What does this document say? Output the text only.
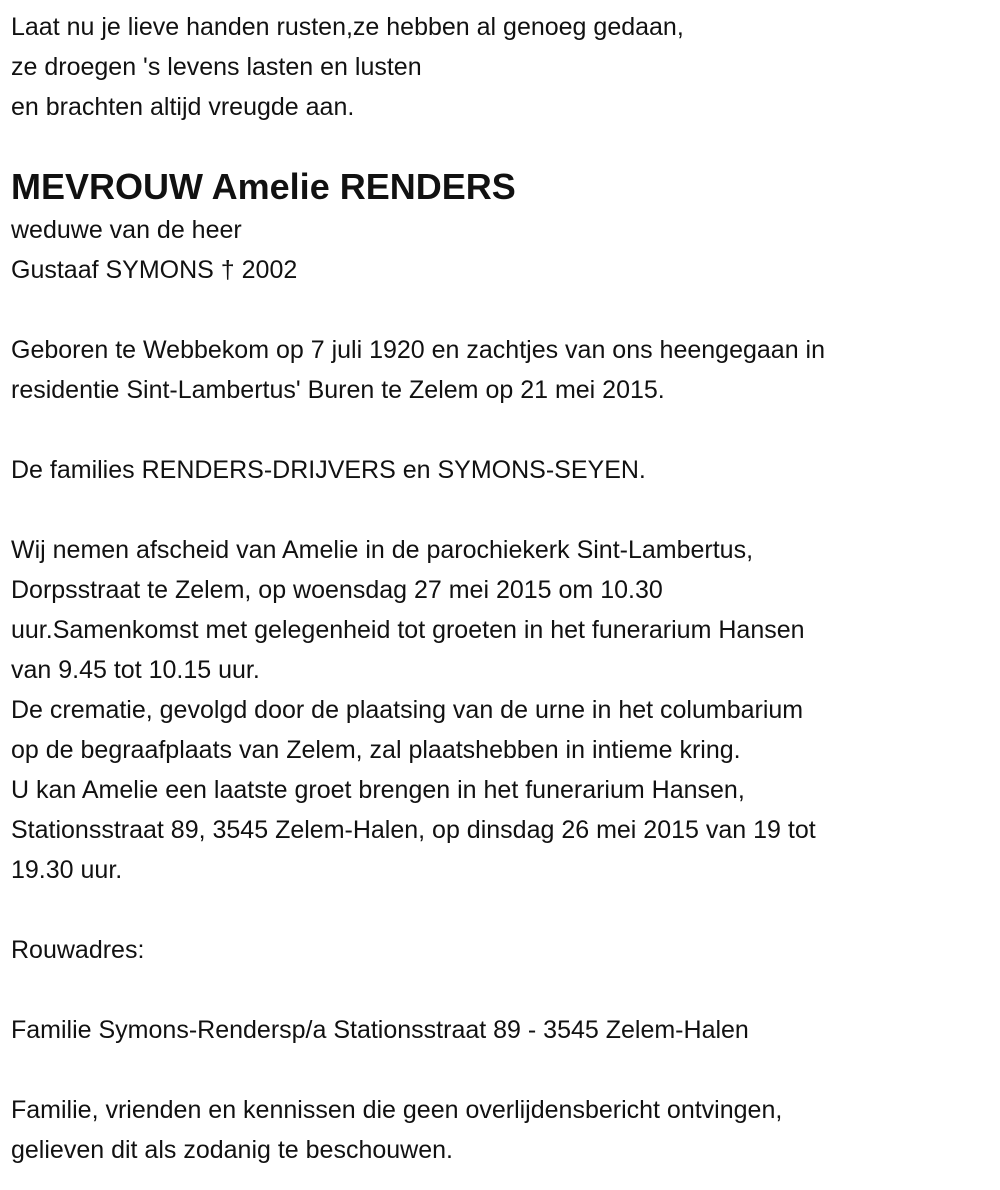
Laat nu je lieve handen rusten,ze hebben al genoeg gedaan,
ze droegen 's levens lasten en lusten
en brachten altijd vreugde aan.
MEVROUW Amelie RENDERS
weduwe van de heer
Gustaaf SYMONS † 2002
Geboren te Webbekom op 7 juli 1920 en zachtjes van ons heengegaan in
residentie Sint-Lambertus' Buren te Zelem op 21 mei 2015.
De families RENDERS-DRIJVERS en SYMONS-SEYEN.
Wij nemen afscheid van Amelie in de parochiekerk Sint-Lambertus,
Dorpsstraat te Zelem, op woensdag 27 mei 2015 om 10.30
uur.Samenkomst met gelegenheid tot groeten in het funerarium Hansen
van 9.45 tot 10.15 uur.
De crematie, gevolgd door de plaatsing van de urne in het columbarium
op de begraafplaats van Zelem, zal plaatshebben in intieme kring.
U kan Amelie een laatste groet brengen in het funerarium Hansen,
Stationsstraat 89, 3545 Zelem-Halen, op dinsdag 26 mei 2015 van 19 tot
19.30 uur.
Rouwadres:
Familie Symons-Rendersp/a Stationsstraat 89 - 3545 Zelem-Halen
Familie, vrienden en kennissen die geen overlijdensbericht ontvingen,
gelieven dit als zodanig te beschouwen.
